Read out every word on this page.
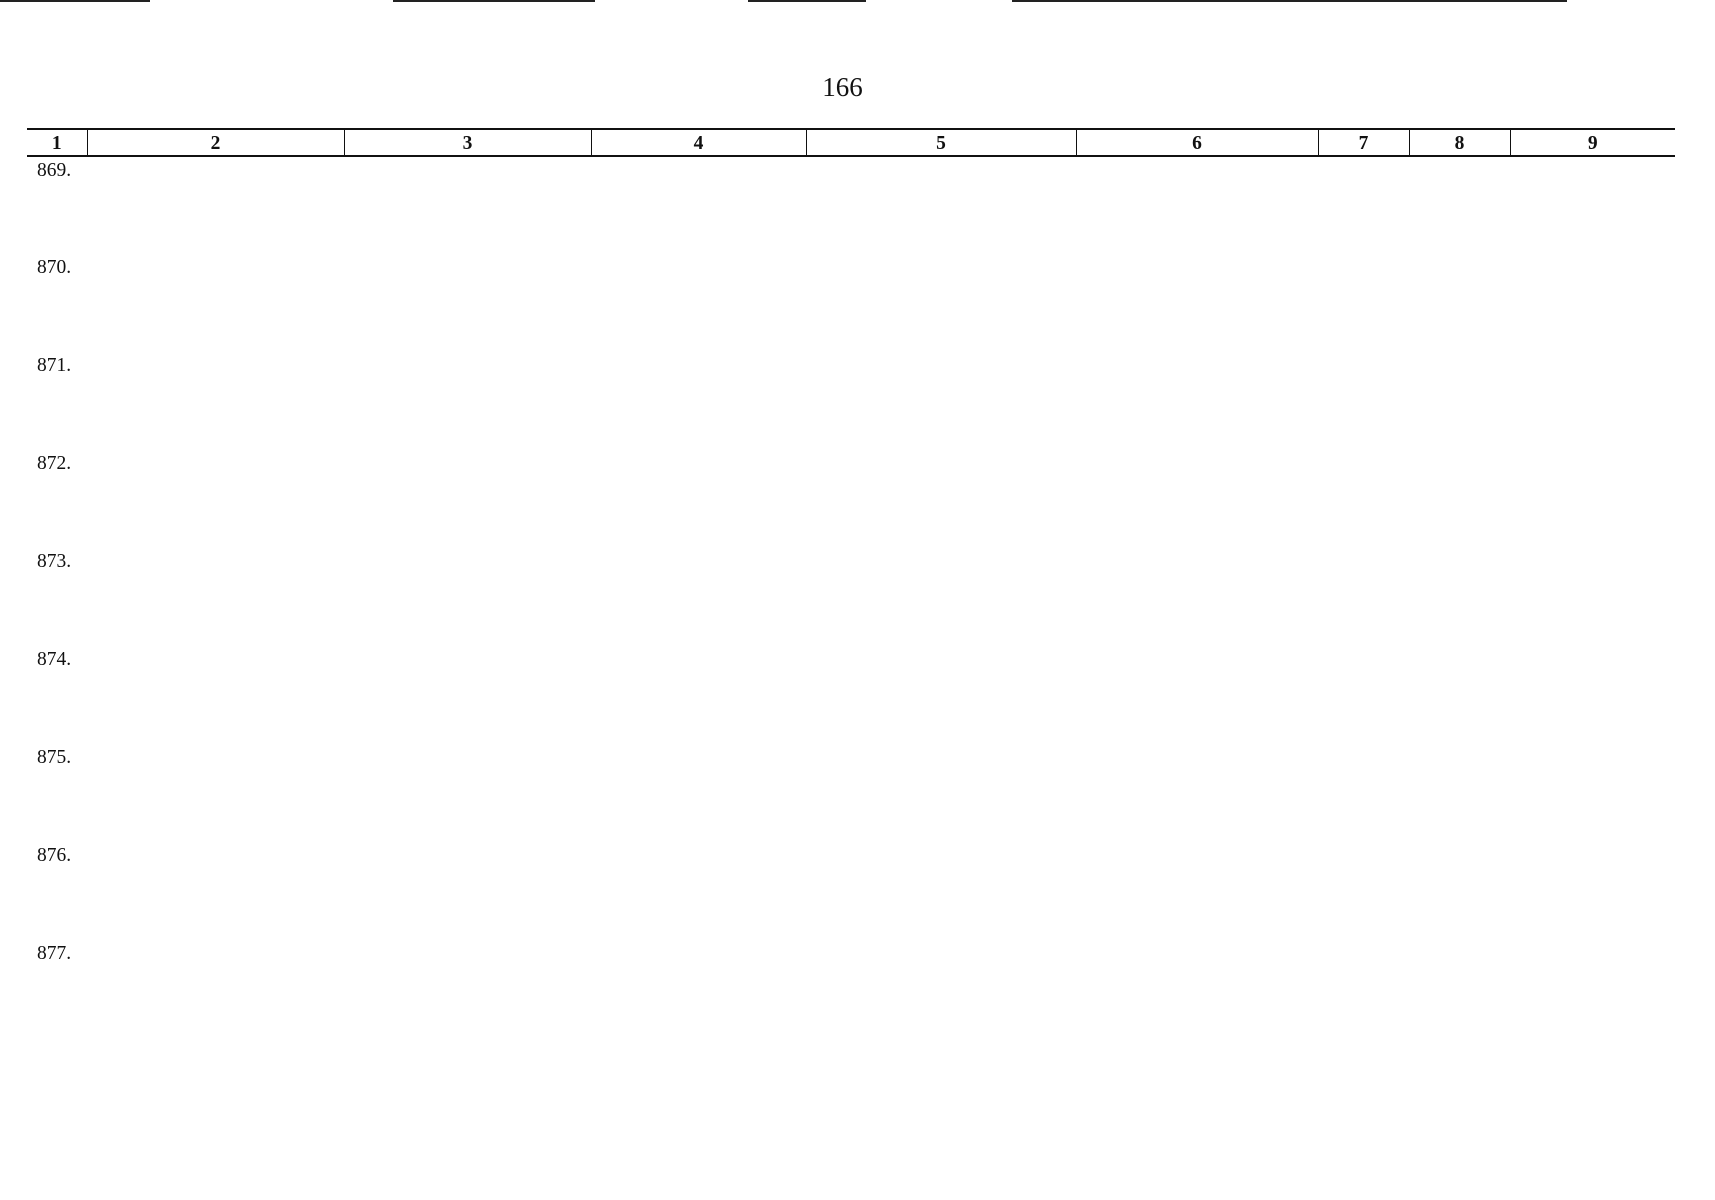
166
1	2	3	4	5	6	7	8	9
869.								
870.								
871.								
872.								
873.								
874.								
875.								
876.								
877.								
